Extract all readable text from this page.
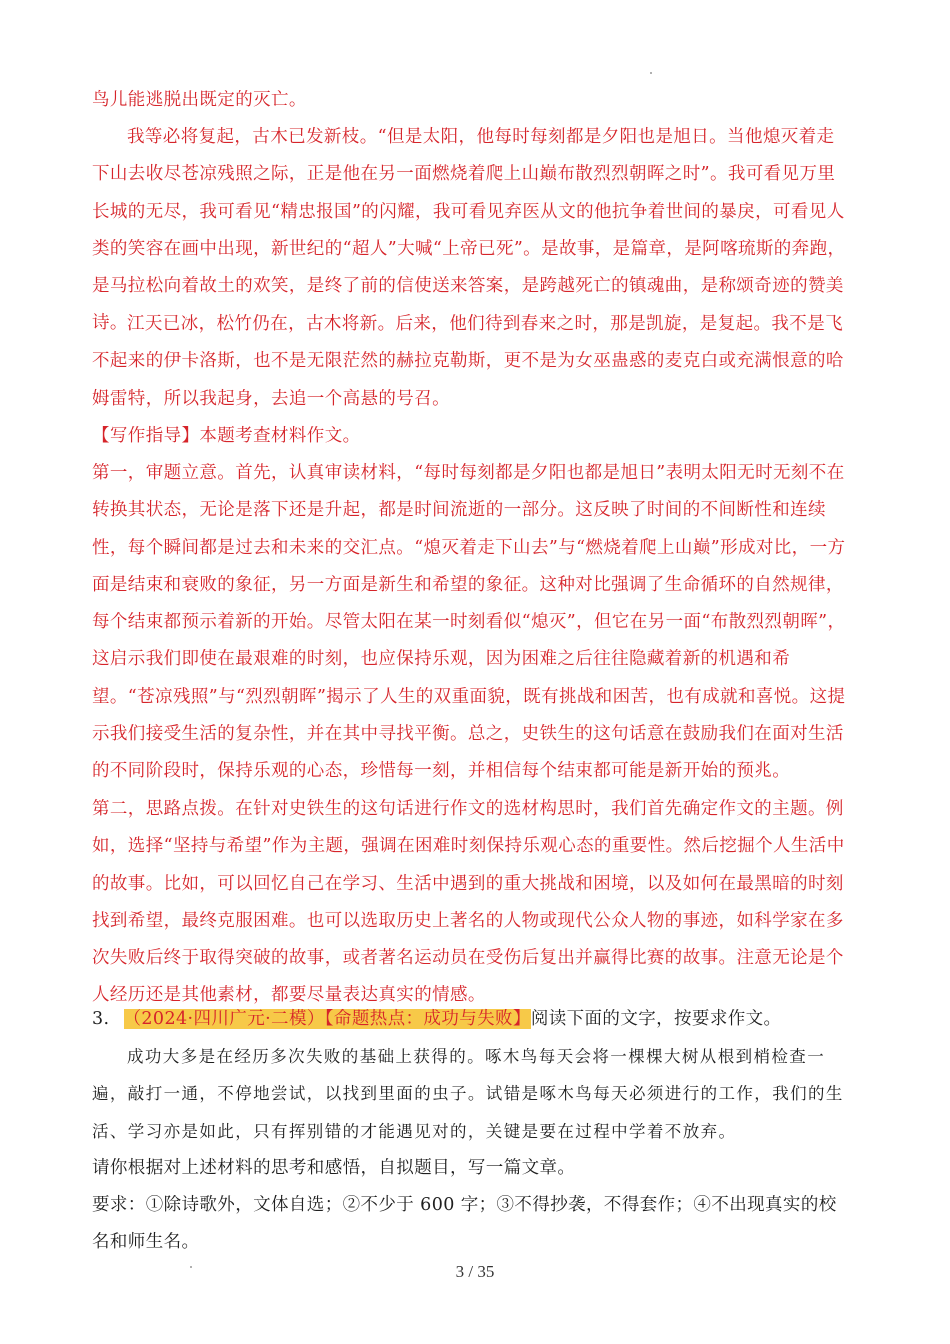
鸟儿能逃脱出既定的灭亡。

我等必将复起，古木已发新枝。“但是太阳，他每时每刻都是夕阳也是旭日。当他熄灭着走下山去收尽苍凉残照之际，正是他在另一面燃烧着爬上山巅布散烈烈朝晖之时”。我可看见万里长城的无尽，我可看见“精忠报国”的闪耀，我可看见弃医从文的他抗争着世间的暴戾，可看见人类的笑容在画中出现，新世纪的“超人”大喊“上帝已死”。是故事，是篇章，是阿喀琉斯的奔跑，是马拉松向着故土的欢笑，是终了前的信使送来答案，是跨越死亡的镇魂曲，是称颂奇迹的赞美诗。 江天已冰，松竹仍在，古木将新。后来，他们待到春来之时，那是凯旋，是复起。我不是飞不起来的伊卡洛斯，也不是无限茫然的赫拉克勒斯，更不是为女巫蛊惑的麦克白或充满恨意的哈姆雷特，所以我起身，去追一个高悬的号召。

【写作指导】本题考查材料作文。

第一，审题立意。首先，认真审读材料，“每时每刻都是夕阳也都是旭日”表明太阳无时无刻不在转换其状态，无论是落下还是升起，都是时间流逝的一部分。这反映了时间的不间断性和连续性，每个瞬间都是过去和未来的交汇点。“熄灭着走下山去”与“燃烧着爬上山巅”形成对比，一方面是结束和衰败的象征，另一方面是新生和希望的象征。这种对比强调了生命循环的自然规律，每个结束都预示着新的开始。尽管太阳在某一时刻看似“熄灭”，但它在另一面“布散烈烈朝晖”，这启示我们即使在最艰难的时刻，也应保持乐观，因为困难之后往往隐藏着新的机遇和希望。“苍凉残照”与“烈烈朝晖”揭示了人生的双重面貌，既有挑战和困苦，也有成就和喜悦。这提示我们接受生活的复杂性，并在其中寻找平衡。总之，史铁生的这句话意在鼓励我们在面对生活的不同阶段时，保持乐观的心态，珍惜每一刻，并相信每个结束都可能是新开始的预兆。

第二，思路点拨。在针对史铁生的这句话进行作文的选材构思时，我们首先确定作文的主题。例如，选择“坚持与希望”作为主题，强调在困难时刻保持乐观心态的重要性。然后挖掘个人生活中的故事。比如，可以回忆自己在学习、生活中遇到的重大挑战和困境，以及如何在最黑暗的时刻找到希望，最终克服困难。也可以选取历史上著名的人物或现代公众人物的事迹，如科学家在多次失败后终于取得突破的故事，或者著名运动员在受伤后复出并赢得比赛的故事。注意无论是个人经历还是其他素材，都要尽量表达真实的情感。

3. （2024·四川广元·二模）【命题热点：成功与失败】阅读下面的文字，按要求作文。

成功大多是在经历多次失败的基础上获得的。啄木鸟每天会将一棵棵大树从根到梢检查一遍，敲打一通，不停地尝试，以找到里面的虫子。试错是啄木鸟每天必须进行的工作，我们的生活、学习亦是如此，只有挥别错的才能遇见对的，关键是要在过程中学着不放弃。

请你根据对上述材料的思考和感悟，自拟题目，写一篇文章。

要求：①除诗歌外，文体自选；②不少于 600 字；③不得抄袭，不得套作；④不出现真实的校名和师生名。

3 / 35
